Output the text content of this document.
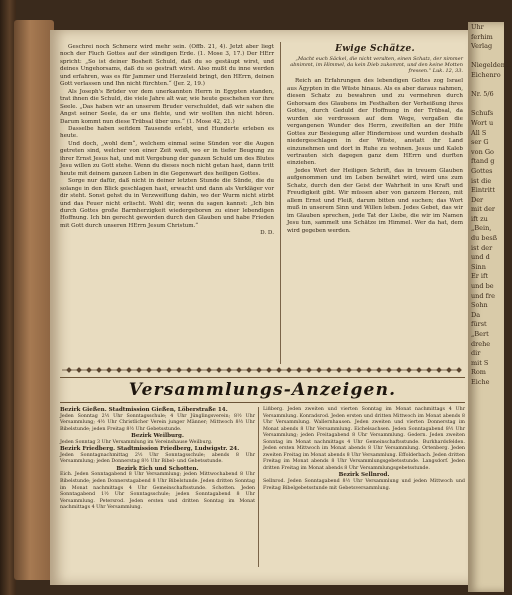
Uhr
ferhim
Verlag

Niegelden E
Eichenro

Nr. 5/6

Schufs
Wort u
All S
ser G
von Go
ftand g
Gottes
ist die
Eintritt
Der
mit der
ift zu
„Bein,
du besß
ist der
und d
Sinn
Er ift
und be
und fre
Sohn
Da
fürst
„Bert
drehe
dir
mit S
Rom
Eiche

Geschrei noch Schmerz wird mehr sein. (Offb. 21, 4). Jetzt aber liegt noch der Fluch Gottes auf der sündigen Erde. (1. Mose 3, 17.) Der HErr spricht: „So ist deiner Bosheit Schuld, daß du so gestäupt wirst, und deines Ungehorsams, daß du so gestraft wirst. Also mußt du inne werden und erfahren, was es für Jammer und Herzeleid bringt, den HErrn, deinen Gott verlassen und Ihn nicht fürchten.“ (Jer. 2, 19.)

Als Joseph's Brüder vor dem unerkannten Herrn in Egypten standen, trat ihnen die Schuld, die viele Jahre alt war, wie heute geschehen vor ihre Seele. „Das haben wir an unserem Bruder verschuldet, daß wir sahen die Angst seiner Seele, da er uns flehte, und wir wollten ihn nicht hören. Darum kommt nun diese Trübsal über uns.“ (1. Mose 42, 21.)

Dasselbe haben seitdem Tausende erlebt, und Hunderte erleben es heute.

Und doch, „wohl dem“, welchem einmal seine Sünden vor die Augen getreten sind, welcher von einer Zeit weiß, wo er in tiefer Beugung zu ihrer Ernst Jesus hat, und mit Vergebung der ganzen Schuld um des Blutes Jesu willen zu Gott stehe. Wenn du dieses noch nicht getan hast, dann tritt heute mit deinem ganzen Leben in die Gegenwart des heiligen Gottes.

Sorge nur dafür, daß nicht in deiner letzten Stunde die Sünde, die du solange in den Blick geschlagen hast, erwacht und dann als Verkläger vor dir steht. Sonst gehst du in Verzweiflung dahin, wo der Wurm nicht stirbt und das Feuer nicht erlischt. Wohl dir, wenn du sagen kannst: „Ich bin durch Gottes große Barmherzigkeit wiedergeboren zu einer lebendigen Hoffnung. Ich bin gerecht geworden durch den Glauben und habe Frieden mit Gott durch unseren HErrn Jesum Christum.“

D. D.

Ewige Schätze.
„Macht euch Säckel, die nicht veralten, einen Schatz, der nimmer abnimmt, im Himmel, da kein Dieb zukommt, und den keine Motten fressen.“ Luk. 12, 33.

Reich an Erfahrungen des lebendigen Gottes zog Israel aus Ägypten in die Wüste hinaus. Als es aber daraus nahmen, diesen Schatz zu bewahren und zu vermehren durch Gehorsam des Glaubens im Festhalten der Verheißung ihres Gottes, durch Geduld der Hoffnung in der Trübsal, da wurden sie verdrossen auf dem Wege, vergaßen die vergangenen Wunder des Herrn, zweifelten an der Hilfe Gottes zur Besiegung aller Hindernisse und wurden deshalb niedergeschlagen in der Wüste, anstatt ihr Land einzunehmen und dort in Ruhe zu wohnen. Jesus und Kaleb vertrauten sich dagegen ganz dem HErrn und durften einziehen.

Jedes Wort der Heiligen Schrift, das in treuem Glauben aufgenommen und im Leben bewährt wird, wird uns zum Schatz, durch den der Geist der Wahrheit in uns Kraft und Freudigkeit gibt. Wir müssen aber von ganzem Herzen, mit allem Ernst und Fleiß, darum bitten und suchen; das Wort muß in unserem Sinn und Willen leben. Jedes Gebet, das wir im Glauben sprechen, jede Tat der Liebe, die wir im Namen Jesu tun, sammelt uns Schätze im Himmel. Wer da hat, dem wird gegeben werden.

Versammlungs-Anzeigen.

Bezirk Gießen. Stadtmission Gießen, Löberstraße 14.

Jeden Sonntag 2½ Uhr Sonntagsschule; 4 Uhr Jünglingsverein; 8½ Uhr Versammlung; 4½ Uhr Christlicher Verein junger Männer; Mittwoch 8½ Uhr Bibelstunde; jeden Freitag 8½ Uhr Gebetsstunde.

Bezirk Weilburg.

Jeden Sonntag 3 Uhr Versammlung im Vereinshause Weilburg.

Bezirk Friedberg. Stadtmission Friedberg, Ludwigstr. 24.

Jeden Sonntagnachmittag 2½ Uhr Sonntagsschule; abends 8 Uhr Versammlung; jeden Donnerstag 8½ Uhr Bibel- und Gebetsstunde.

Bezirk Eich und Schotten.

Eich. Jeden Sonntagabend 8 Uhr Versammlung; jeden Mittwochabend 8 Uhr Bibelstunde; jeden Donnerstagabend 8 Uhr Bibelstunde. Jeden dritten Sonntag im Monat nachmittags 4 Uhr Gemeinschaftsstunde. Schotten. Jeden Sonntagabend 1½ Uhr Sonntagsschule; jeden Sonntagabend 8 Uhr Versammlung. Petersrod. Jeden ersten und dritten Sonntag im Monat nachmittags 4 Uhr Versammlung.

Lißberg. Jeden zweiten und vierten Sonntag im Monat nachmittags 4 Uhr Versammlung. Konradsrod. Jeden ersten und dritten Mittwoch im Monat abends 8 Uhr Versammlung. Wallernhausen. Jeden zweiten und vierten Donnerstag im Monat abends 8 Uhr Versammlung. Eichelsachsen. Jeden Sonntagabend 8½ Uhr Versammlung; jeden Freitagabend 8 Uhr Versammlung. Gedern. Jeden zweiten Sonntag im Monat nachmittags 4 Uhr Gemeinschaftsstunde. Burkhardsfelden. Jeden ersten Mittwoch im Monat abends 8 Uhr Versammlung. Ortenberg. Jeden zweiten Freitag im Monat abends 8 Uhr Versammlung. Effolderbach. Jeden dritten Freitag im Monat abends 8 Uhr Versammlungsgebetsstunde. Langsdorf. Jeden dritten Freitag im Monat abends 8 Uhr Versammlungsgebetsstunde.

Bezirk Sellnrod.

Sellnrod. Jeden Sonntagabend 8½ Uhr Versammlung und jeden Mittwoch und Freitag Bibelgebetsstunde mit Gebetsversammlung.
